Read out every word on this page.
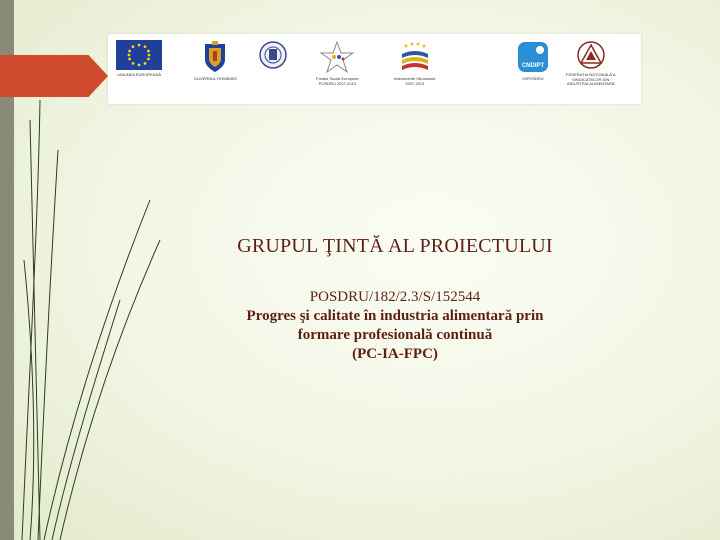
UNIUNEA EUROPEANĂ
GUVERNUL ROMÂNIEI	Fondul Social European
POSDRU 2007-2013
Instrumente Structurale
2007-2013
CNDIPT
OIPOSDRU
FEDERAȚIA NAȚIONALĂ A
SINDICATELOR DIN
INDUSTRIA ALIMENTARĂ
GRUPUL ŢINTĂ AL PROIECTULUI
POSDRU/182/2.3/S/152544
Progres şi calitate în industria alimentară prin
formare profesională continuă
(PC-IA-FPC)
